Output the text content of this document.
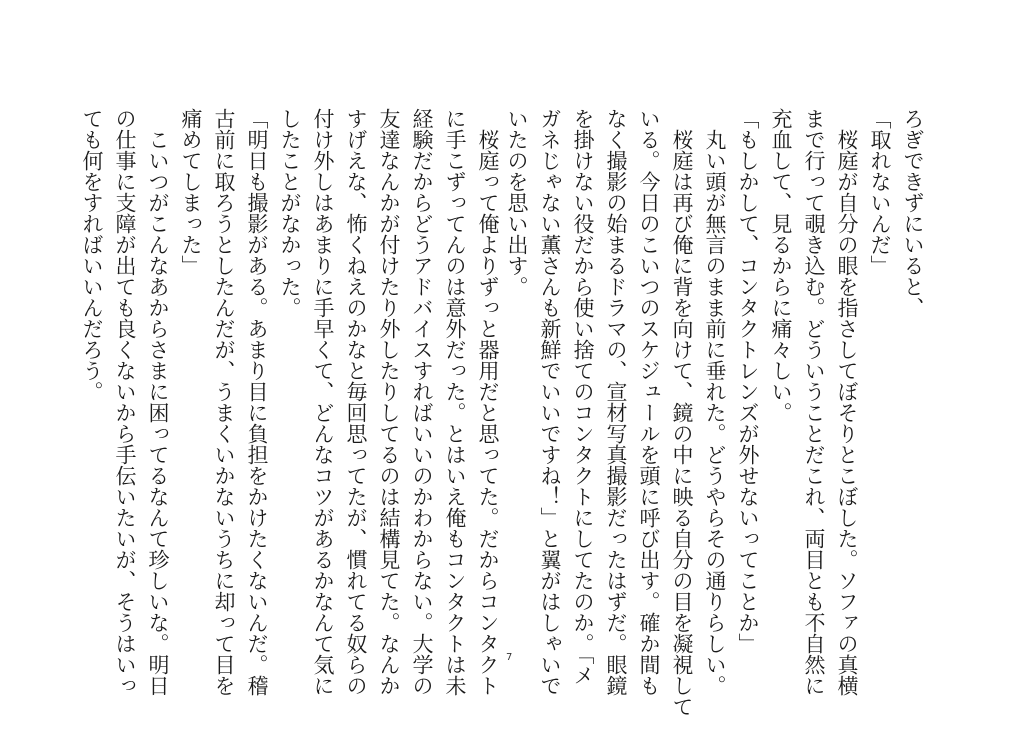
ろぎできずにいると、
「取れないんだ」
　桜庭が自分の眼を指さしてぼそりとこぼした。ソファの真横
まで行って覗き込む。どういうことだこれ、両目とも不自然に
充血して、見るからに痛々しい。
「もしかして、コンタクトレンズが外せないってことか」
　丸い頭が無言のまま前に垂れた。どうやらその通りらしい。
　桜庭は再び俺に背を向けて、鏡の中に映る自分の目を凝視して
いる。今日のこいつのスケジュールを頭に呼び出す。確か間も
なく撮影の始まるドラマの、宣材写真撮影だったはずだ。眼鏡
を掛けない役だから使い捨てのコンタクトにしてたのか。「メ
ガネじゃない薫さんも新鮮でいいですね！」と翼がはしゃいで
いたのを思い出す。
　桜庭って俺よりずっと器用だと思ってた。だからコンタクト
に手こずってんのは意外だった。とはいえ俺もコンタクトは未
経験だからどうアドバイスすればいいのかわからない。大学の
友達なんかが付けたり外したりしてるのは結構見てた。なんか
すげえな、怖くねえのかなと毎回思ってたが、慣れてる奴らの
付け外しはあまりに手早くて、どんなコツがあるかなんて気に
したことがなかった。
「明日も撮影がある。あまり目に負担をかけたくないんだ。稽
古前に取ろうとしたんだが、うまくいかないうちに却って目を
痛めてしまった」
　こいつがこんなあからさまに困ってるなんて珍しいな。明日
の仕事に支障が出ても良くないから手伝いたいが、そうはいっ
ても何をすればいいんだろう。
7
